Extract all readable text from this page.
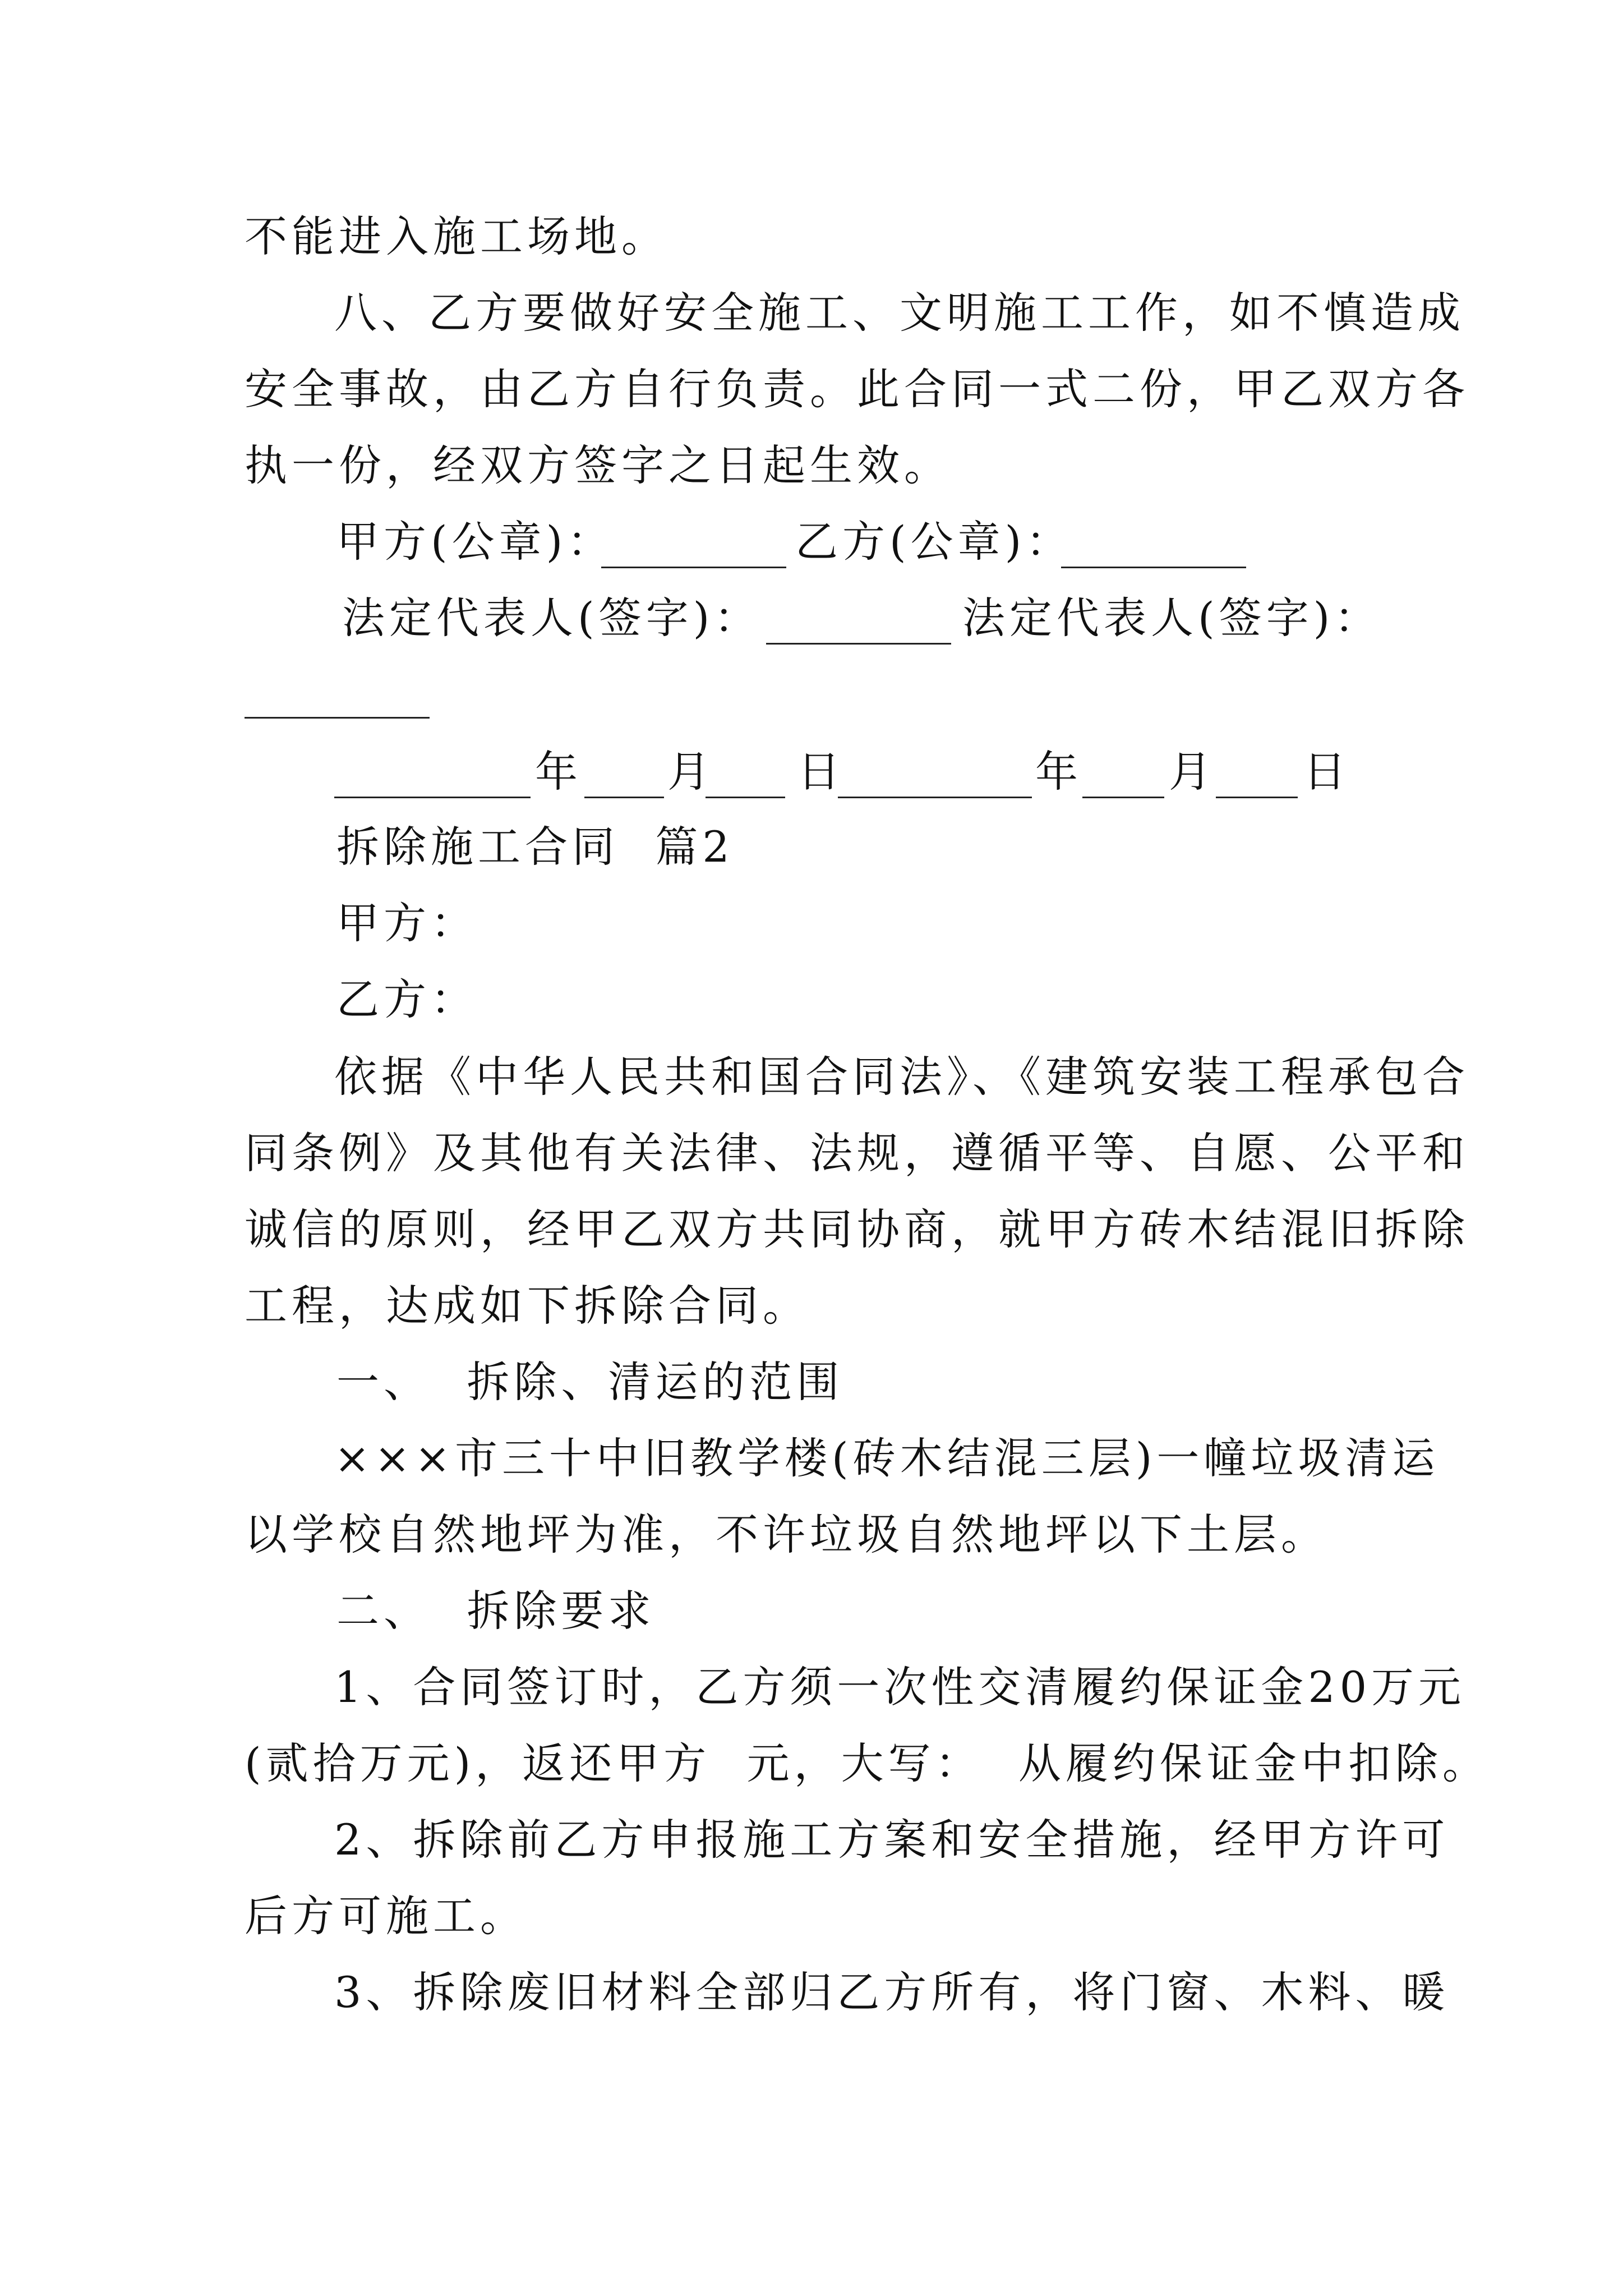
不能进入施工场地。
八、乙方要做好安全施工、文明施工工作，如不慎造成
安全事故，由乙方自行负责。此合同一式二份，甲乙双方各
执一份，经双方签字之日起生效。
甲方(公章)：	乙方(公章)：
法定代表人(签字)：	法定代表人(签字)：
年 月 日	年 月 日
拆除施工合同  篇2
甲方：
乙方：
依据《中华人民共和国合同法》、《建筑安装工程承包合
同条例》及其他有关法律、法规，遵循平等、自愿、公平和
诚信的原则，经甲乙双方共同协商，就甲方砖木结混旧拆除
工程，达成如下拆除合同。
一、  拆除、清运的范围
×××市三十中旧教学楼(砖木结混三层)一幢垃圾清运
以学校自然地坪为准，不许垃圾自然地坪以下土层。
二、  拆除要求
1、合同签订时，乙方须一次性交清履约保证金20万元
(贰拾万元)，返还甲方  元，大写：  从履约保证金中扣除。
2、拆除前乙方申报施工方案和安全措施，经甲方许可
后方可施工。
3、拆除废旧材料全部归乙方所有，将门窗、木料、暖
